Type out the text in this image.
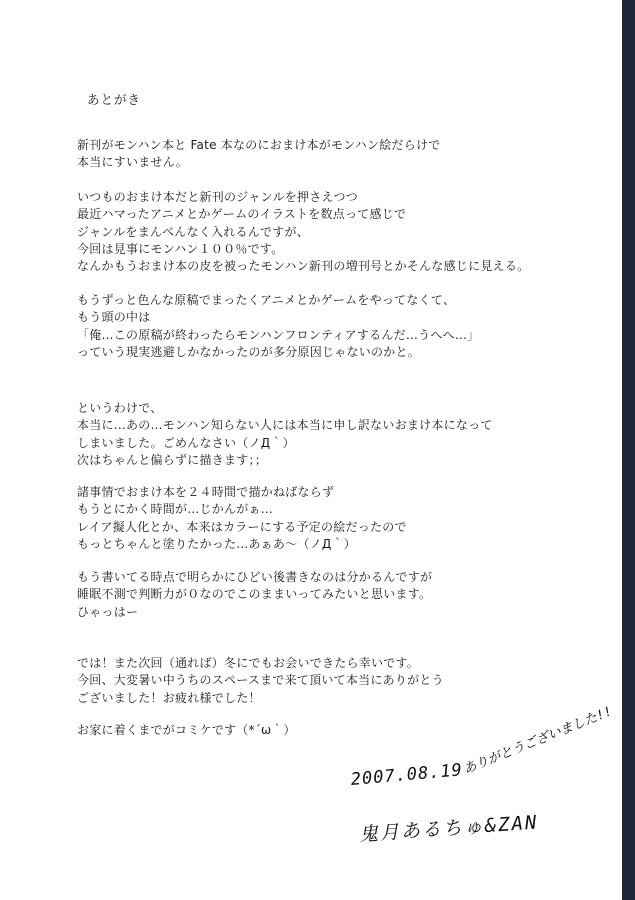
あとがき
新刊がモンハン本と Fate 本なのにおまけ本がモンハン絵だらけで
本当にすいません。
いつものおまけ本だと新刊のジャンルを押さえつつ
最近ハマったアニメとかゲームのイラストを数点って感じで
ジャンルをまんべんなく入れるんですが、
今回は見事にモンハン１００％です。
なんかもうおまけ本の皮を被ったモンハン新刊の増刊号とかそんな感じに見える。
もうずっと色んな原稿でまったくアニメとかゲームをやってなくて、
もう頭の中は
「俺…この原稿が終わったらモンハンフロンティアするんだ…うへへ…」
っていう現実逃避しかなかったのが多分原因じゃないのかと。
というわけで、
本当に…あの…モンハン知らない人には本当に申し訳ないおまけ本になって
しまいました。ごめんなさい（ノД｀）
次はちゃんと偏らずに描きます；；
諸事情でおまけ本を２４時間で描かねばならず
もうとにかく時間が…じかんがぁ…
レイア擬人化とか、本来はカラーにする予定の絵だったので
もっとちゃんと塗りたかった…あぁあ～（ノД｀）
もう書いてる時点で明らかにひどい後書きなのは分かるんですが
睡眠不測で判断力が０なのでこのままいってみたいと思います。
ひゃっはー
では！また次回（通れば）冬にでもお会いできたら幸いです。
今回、大変暑い中うちのスペースまで来て頂いて本当にありがとう
ございました！お疲れ様でした！
お家に着くまでがコミケです（*´ω｀）	ありがとうございました!!
2007.08.19
鬼月あるちゅ&ZAN
